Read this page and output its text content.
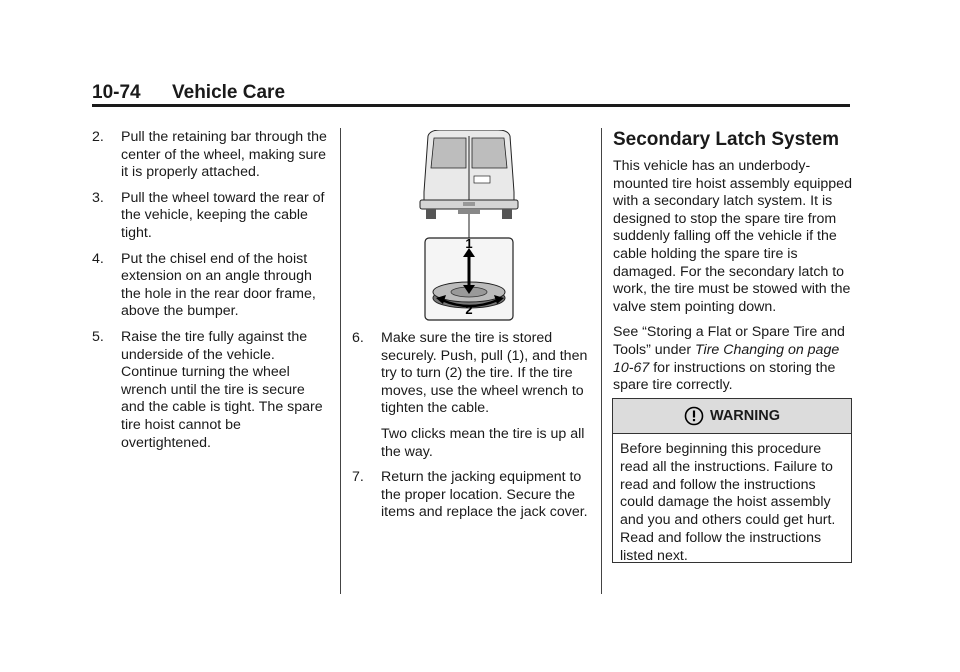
10-74 Vehicle Care
2. Pull the retaining bar through the center of the wheel, making sure it is properly attached.
3. Pull the wheel toward the rear of the vehicle, keeping the cable tight.
4. Put the chisel end of the hoist extension on an angle through the hole in the rear door frame, above the bumper.
5. Raise the tire fully against the underside of the vehicle. Continue turning the wheel wrench until the tire is secure and the cable is tight. The spare tire hoist cannot be overtightened.
1
2
6. Make sure the tire is stored securely. Push, pull (1), and then try to turn (2) the tire. If the tire moves, use the wheel wrench to tighten the cable.
Two clicks mean the tire is up all the way.
7. Return the jacking equipment to the proper location. Secure the items and replace the jack cover.
Secondary Latch System

This vehicle has an underbody-mounted tire hoist assembly equipped with a secondary latch system. It is designed to stop the spare tire from suddenly falling off the vehicle if the cable holding the spare tire is damaged. For the secondary latch to work, the tire must be stowed with the valve stem pointing down.

See “Storing a Flat or Spare Tire and Tools” under Tire Changing on page 10-67 for instructions on storing the spare tire correctly.

WARNING
Before beginning this procedure read all the instructions. Failure to read and follow the instructions could damage the hoist assembly and you and others could get hurt. Read and follow the instructions listed next.
